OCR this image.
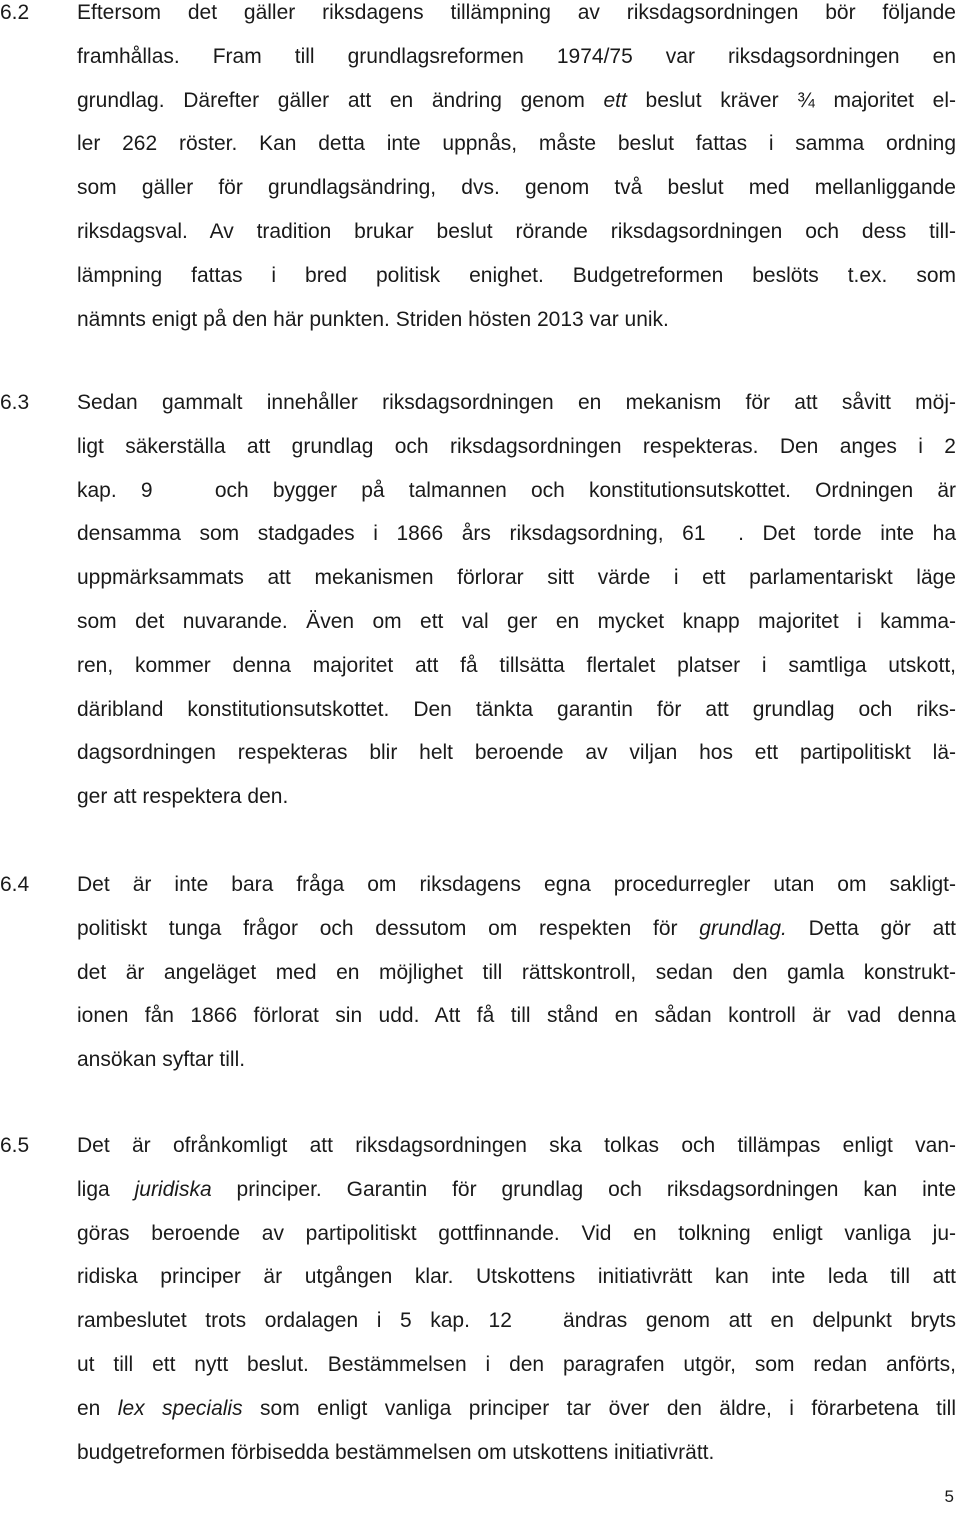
6.2 Eftersom det gäller riksdagens tillämpning av riksdagsordningen bör följande
framhållas. Fram till grundlagsreformen 1974/75 var riksdagsordningen en
grundlag. Därefter gäller att en ändring genom ett beslut kräver ¾ majoritet el-
ler 262 röster. Kan detta inte uppnås, måste beslut fattas i samma ordning
som gäller för grundlagsändring, dvs. genom två beslut med mellanliggande
riksdagsval. Av tradition brukar beslut rörande riksdagsordningen och dess till-
lämpning fattas i bred politisk enighet. Budgetreformen beslöts t.ex. som
nämnts enigt på den här punkten. Striden hösten 2013 var unik.
6.3 Sedan gammalt innehåller riksdagsordningen en mekanism för att såvitt möj-
ligt säkerställa att grundlag och riksdagsordningen respekteras. Den anges i 2
kap. 9  och bygger på talmannen och konstitutionsutskottet. Ordningen är
densamma som stadgades i 1866 års riksdagsordning, 61 . Det torde inte ha
uppmärksammats att mekanismen förlorar sitt värde i ett parlamentariskt läge
som det nuvarande. Även om ett val ger en mycket knapp majoritet i kamma-
ren, kommer denna majoritet att få tillsätta flertalet platser i samtliga utskott,
däribland konstitutionsutskottet. Den tänkta garantin för att grundlag och riks-
dagsordningen respekteras blir helt beroende av viljan hos ett partipolitiskt lä-
ger att respektera den.
6.4 Det är inte bara fråga om riksdagens egna procedurregler utan om sakligt-
politiskt tunga frågor och dessutom om respekten för grundlag. Detta gör att
det är angeläget med en möjlighet till rättskontroll, sedan den gamla konstrukt-
ionen fån 1866 förlorat sin udd. Att få till stånd en sådan kontroll är vad denna
ansökan syftar till.
6.5 Det är ofrånkomligt att riksdagsordningen ska tolkas och tillämpas enligt van-
liga juridiska principer. Garantin för grundlag och riksdagsordningen kan inte
göras beroende av partipolitiskt gottfinnande. Vid en tolkning enligt vanliga ju-
ridiska principer är utgången klar. Utskottens initiativrätt kan inte leda till att
rambeslutet trots ordalagen i 5 kap. 12  ändras genom att en delpunkt bryts
ut till ett nytt beslut. Bestämmelsen i den paragrafen utgör, som redan anförts,
en lex specialis som enligt vanliga principer tar över den äldre, i förarbetena till
budgetreformen förbisedda bestämmelsen om utskottens initiativrätt.
5
